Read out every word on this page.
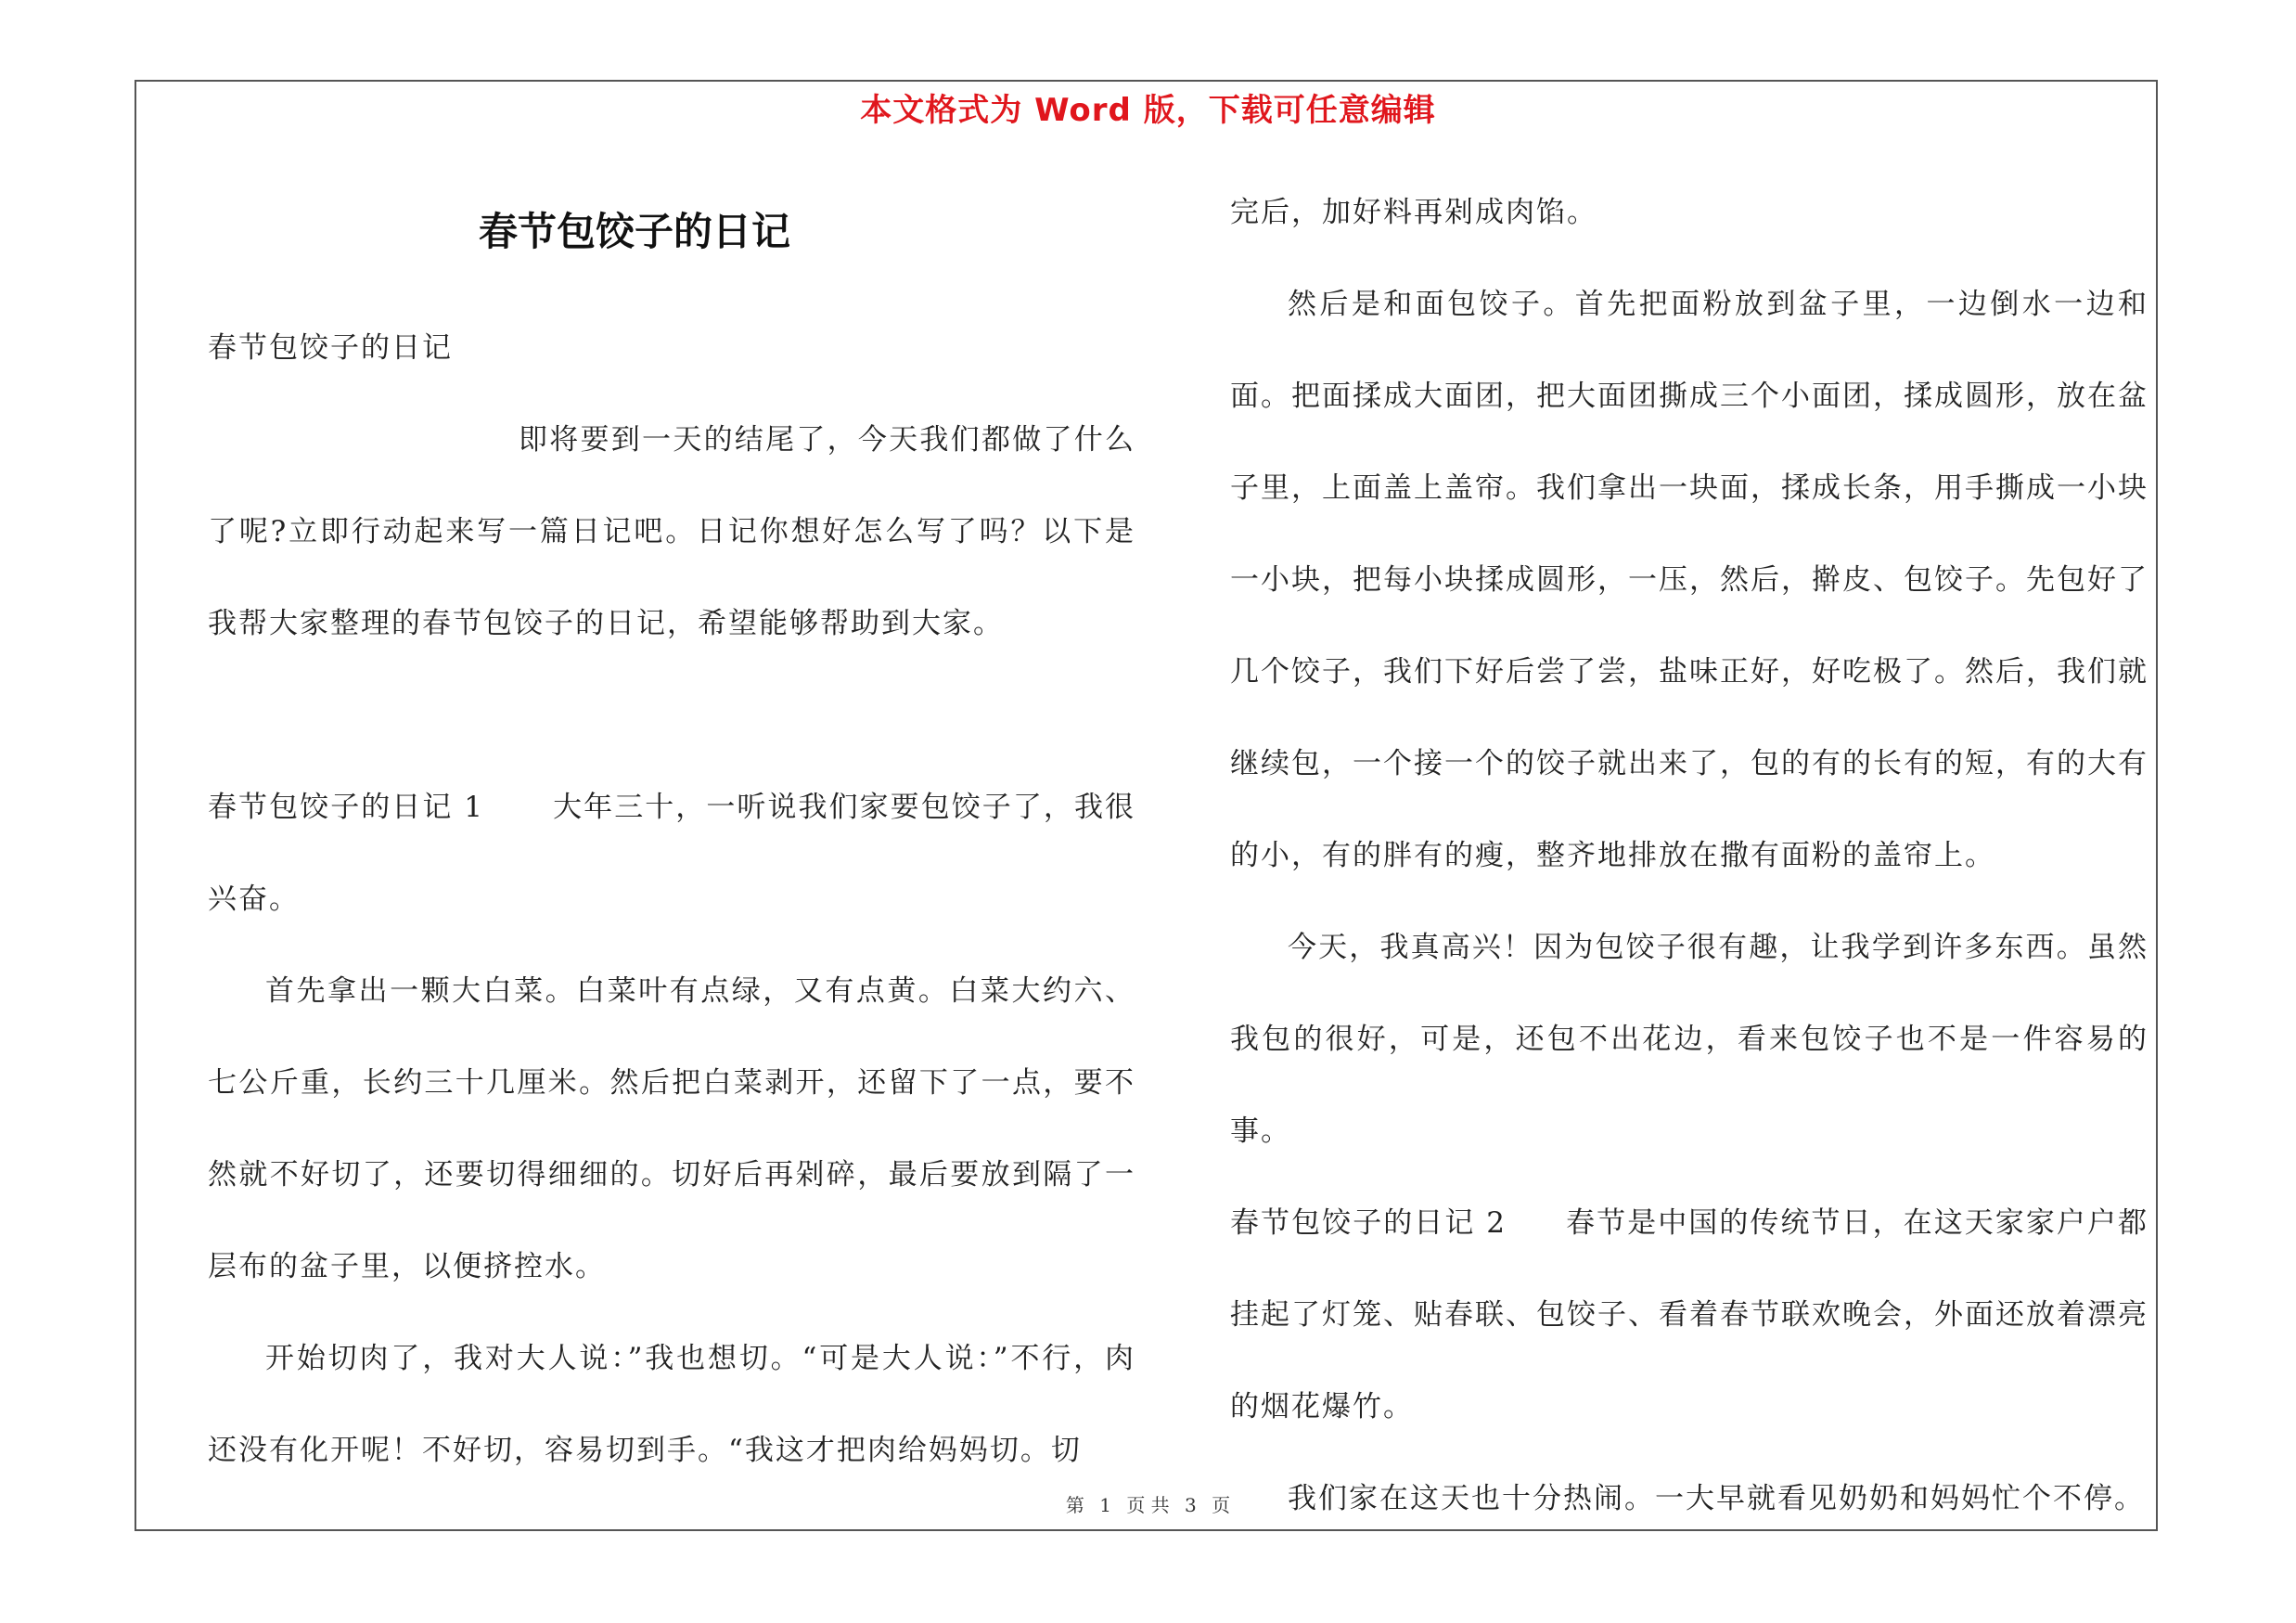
本文格式为 Word 版，下载可任意编辑
春节包饺子的日记

春节包饺子的日记

即将要到一天的结尾了，今天我们都做了什么了呢?立即行动起来写一篇日记吧。日记你想好怎么写了吗？以下是我帮大家整理的春节包饺子的日记，希望能够帮助到大家。

春节包饺子的日记 1 大年三十，一听说我们家要包饺子了，我很兴奋。

首先拿出一颗大白菜。白菜叶有点绿，又有点黄。白菜大约六、七公斤重，长约三十几厘米。然后把白菜剥开，还留下了一点，要不然就不好切了，还要切得细细的。切好后再剁碎，最后要放到隔了一层布的盆子里，以便挤控水。

开始切肉了，我对大人说：”我也想切。“可是大人说：”不行，肉还没有化开呢！不好切，容易切到手。“我这才把肉给妈妈切。切

完后，加好料再剁成肉馅。

然后是和面包饺子。首先把面粉放到盆子里，一边倒水一边和面。把面揉成大面团，把大面团撕成三个小面团，揉成圆形，放在盆子里，上面盖上盖帘。我们拿出一块面，揉成长条，用手撕成一小块一小块，把每小块揉成圆形，一压，然后，擀皮、包饺子。先包好了几个饺子，我们下好后尝了尝，盐味正好，好吃极了。然后，我们就继续包，一个接一个的饺子就出来了，包的有的长有的短，有的大有的小，有的胖有的瘦，整齐地排放在撒有面粉的盖帘上。

今天，我真高兴！因为包饺子很有趣，让我学到许多东西。虽然我包的很好，可是，还包不出花边，看来包饺子也不是一件容易的事。

春节包饺子的日记 2 春节是中国的传统节日，在这天家家户户都挂起了灯笼、贴春联、包饺子、看着春节联欢晚会，外面还放着漂亮的烟花爆竹。

我们家在这天也十分热闹。一大早就看见奶奶和妈妈忙个不停。

第 1 页 共 3 页
